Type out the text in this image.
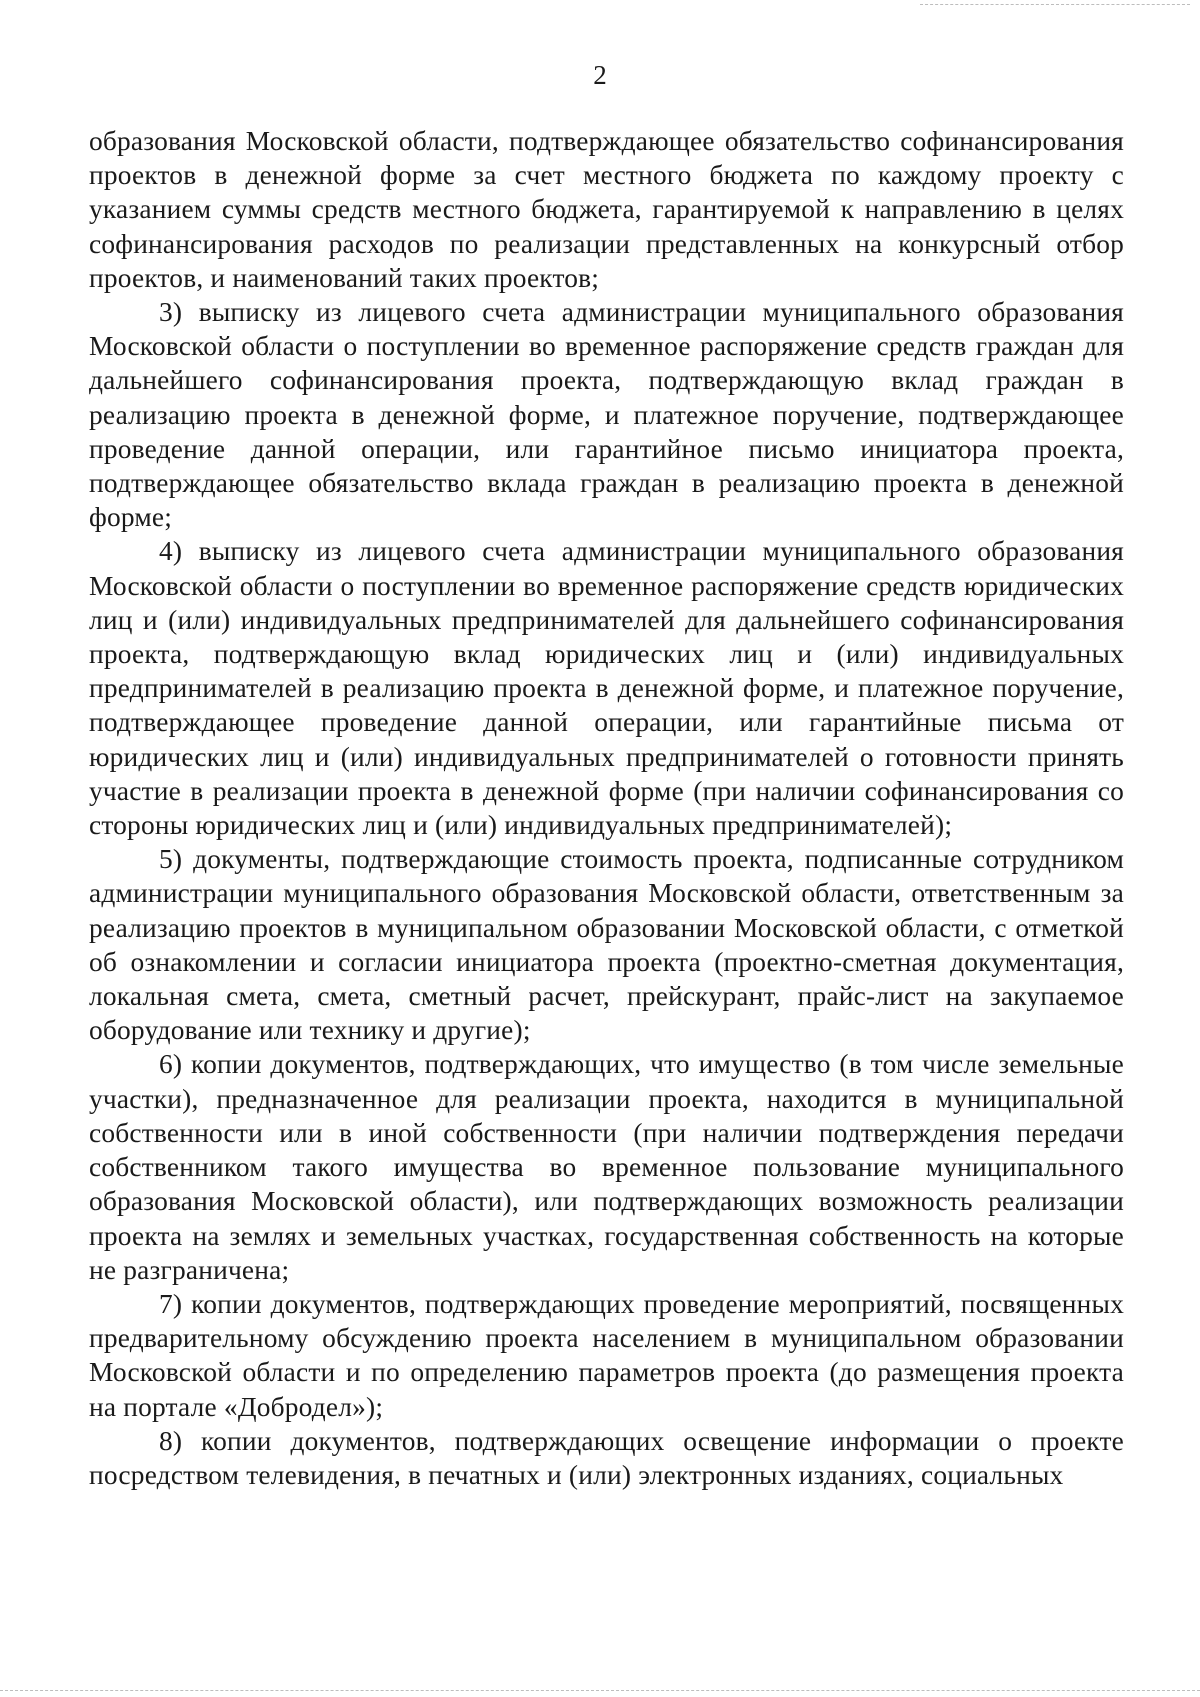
2

образования Московской области, подтверждающее обязательство софинансирования проектов в денежной форме за счет местного бюджета по каждому проекту с указанием суммы средств местного бюджета, гарантируемой к направлению в целях софинансирования расходов по реализации представленных на конкурсный отбор проектов, и наименований таких проектов;

3) выписку из лицевого счета администрации муниципального образования Московской области о поступлении во временное распоряжение средств граждан для дальнейшего софинансирования проекта, подтверждающую вклад граждан в реализацию проекта в денежной форме, и платежное поручение, подтверждающее проведение данной операции, или гарантийное письмо инициатора проекта, подтверждающее обязательство вклада граждан в реализацию проекта в денежной форме;

4) выписку из лицевого счета администрации муниципального образования Московской области о поступлении во временное распоряжение средств юридических лиц и (или) индивидуальных предпринимателей для дальнейшего софинансирования проекта, подтверждающую вклад юридических лиц и (или) индивидуальных предпринимателей в реализацию проекта в денежной форме, и платежное поручение, подтверждающее проведение данной операции, или гарантийные письма от юридических лиц и (или) индивидуальных предпринимателей о готовности принять участие в реализации проекта в денежной форме (при наличии софинансирования со стороны юридических лиц и (или) индивидуальных предпринимателей);

5) документы, подтверждающие стоимость проекта, подписанные сотрудником администрации муниципального образования Московской области, ответственным за реализацию проектов в муниципальном образовании Московской области, с отметкой об ознакомлении и согласии инициатора проекта (проектно-сметная документация, локальная смета, смета, сметный расчет, прейскурант, прайс-лист на закупаемое оборудование или технику и другие);

6) копии документов, подтверждающих, что имущество (в том числе земельные участки), предназначенное для реализации проекта, находится в муниципальной собственности или в иной собственности (при наличии подтверждения передачи собственником такого имущества во временное пользование муниципального образования Московской области), или подтверждающих возможность реализации проекта на землях и земельных участках, государственная собственность на которые не разграничена;

7) копии документов, подтверждающих проведение мероприятий, посвященных предварительному обсуждению проекта населением в муниципальном образовании Московской области и по определению параметров проекта (до размещения проекта на портале «Добродел»);

8) копии документов, подтверждающих освещение информации о проекте посредством телевидения, в печатных и (или) электронных изданиях, социальных
